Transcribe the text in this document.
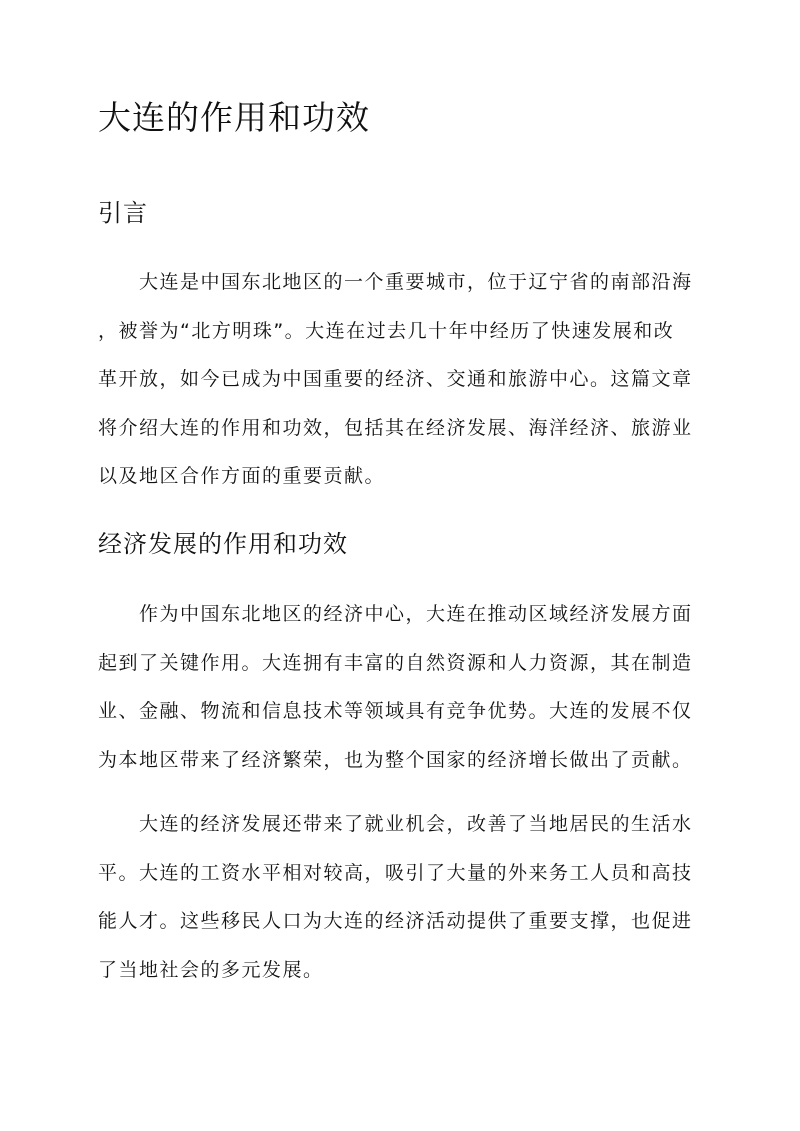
大连的作用和功效
引言

　　大连是中国东北地区的一个重要城市，位于辽宁省的南部沿海
，被誉为“北方明珠”。大连在过去几十年中经历了快速发展和改
革开放，如今已成为中国重要的经济、交通和旅游中心。这篇文章
将介绍大连的作用和功效，包括其在经济发展、海洋经济、旅游业
以及地区合作方面的重要贡献。

经济发展的作用和功效

　　作为中国东北地区的经济中心，大连在推动区域经济发展方面
起到了关键作用。大连拥有丰富的自然资源和人力资源，其在制造
业、金融、物流和信息技术等领域具有竞争优势。大连的发展不仅
为本地区带来了经济繁荣，也为整个国家的经济增长做出了贡献。

　　大连的经济发展还带来了就业机会，改善了当地居民的生活水
平。大连的工资水平相对较高，吸引了大量的外来务工人员和高技
能人才。这些移民人口为大连的经济活动提供了重要支撑，也促进
了当地社会的多元发展。
